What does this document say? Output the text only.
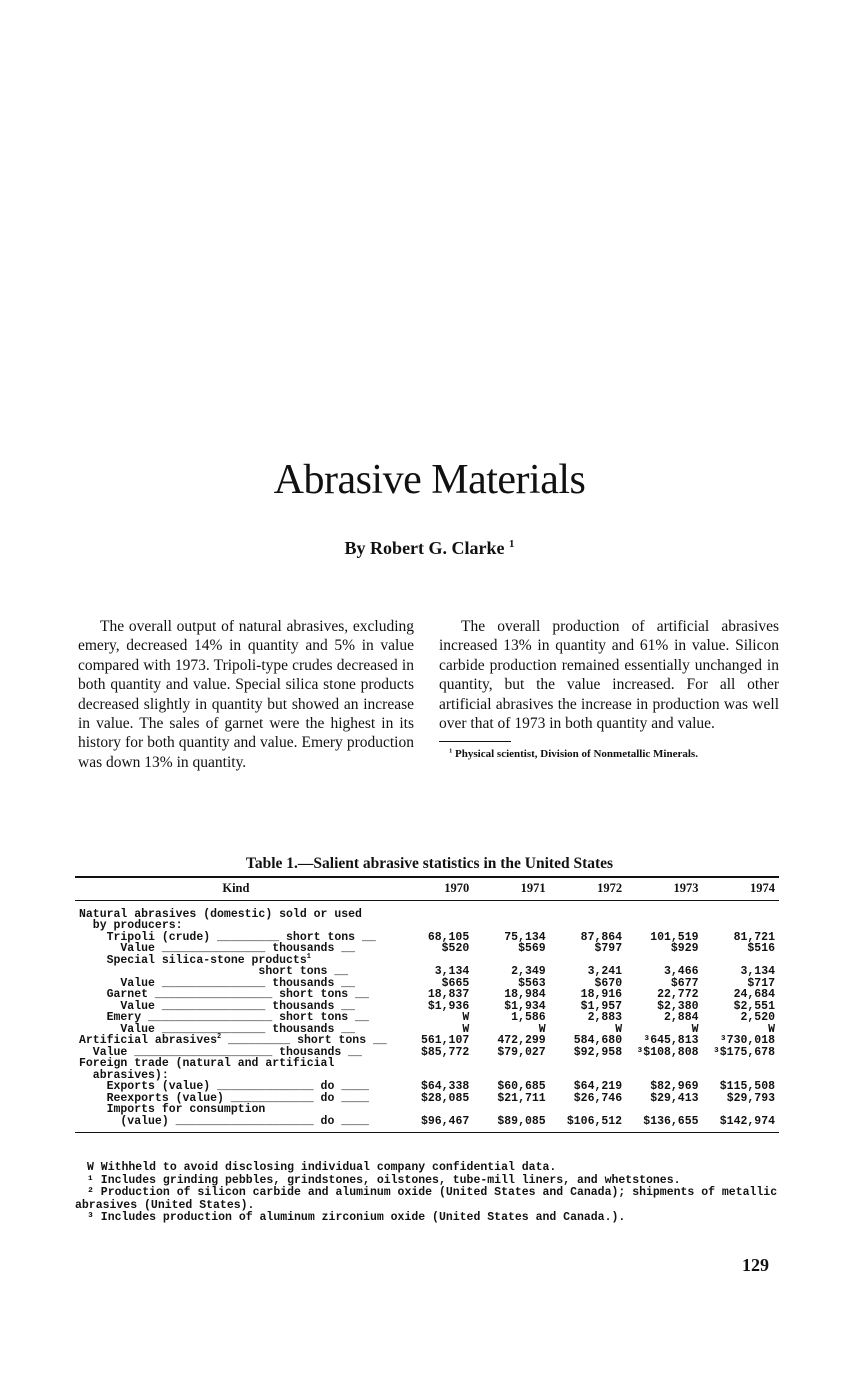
Abrasive Materials
By Robert G. Clarke $^1$

The overall output of natural abrasives, excluding emery, decreased 14% in quantity and 5% in value compared with 1973. Tripoli-type crudes decreased in both quantity and value. Special silica stone products decreased slightly in quantity but showed an increase in value. The sales of garnet were the highest in its history for both quantity and value. Emery production was down 13% in quantity.

The overall production of artificial abrasives increased 13% in quantity and 61% in value. Silicon carbide production remained essentially unchanged in quantity, but the value increased. For all other artificial abrasives the increase in production was well over that of 1973 in both quantity and value.

$^1$ Physical scientist, Division of Nonmetallic Minerals.

Table 1.—Salient abrasive statistics in the United States
Kind	1970	1971	1972	1973	1974
Natural abrasives (domestic) sold or used					
by producers:					
Tripoli (crude) _________ short tons __	68,105	75,134	87,864	101,519	81,721
Value _______________ thousands __	$520	$569	$797	$929	$516
Special silica-stone products$^1$					
short tons __	3,134	2,349	3,241	3,466	3,134
Value _______________ thousands __	$665	$563	$670	$677	$717
Garnet _________________ short tons __	18,837	18,984	18,916	22,772	24,684
Value _______________ thousands __	$1,936	$1,934	$1,957	$2,380	$2,551
Emery __________________ short tons __	W	1,586	2,883	2,884	2,520
Value _______________ thousands __	W	W	W	W	W
Artificial abrasives$^2$ _________ short tons __	561,107	472,299	584,680	³645,813	³730,018
Value ____________________ thousands __	$85,772	$79,027	$92,958	³$108,808	³$175,678
Foreign trade (natural and artificial					
abrasives):					
Exports (value) ______________ do ____	$64,338	$60,685	$64,219	$82,969	$115,508
Reexports (value) ____________ do ____	$28,085	$21,711	$26,746	$29,413	$29,793
Imports for consumption					
(value) ____________________ do ____	$96,467	$89,085	$106,512	$136,655	$142,974

W Withheld to avoid disclosing individual company confidential data.

¹ Includes grinding pebbles, grindstones, oilstones, tube-mill liners, and whetstones.

² Production of silicon carbide and aluminum oxide (United States and Canada); shipments of metallic abrasives (United States).

³ Includes production of aluminum zirconium oxide (United States and Canada.).

129
